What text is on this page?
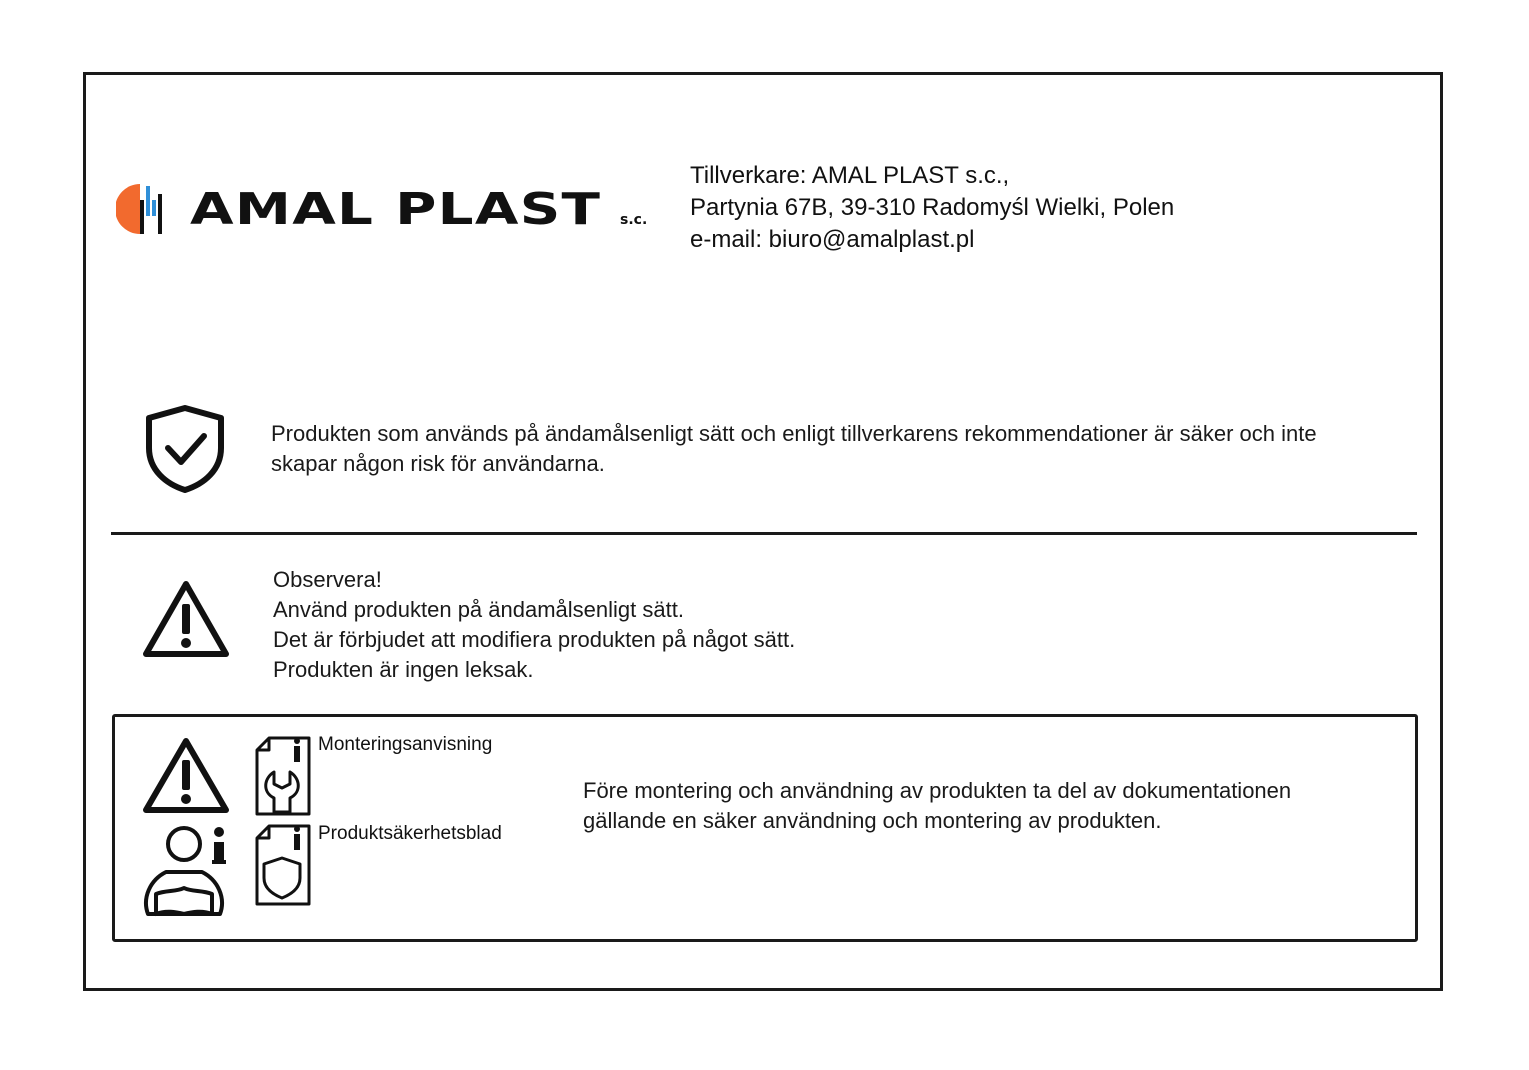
AMAL PLAST s.c.
Tillverkare: AMAL PLAST s.c.,
Partynia 67B, 39-310 Radomyśl Wielki, Polen
e-mail: biuro@amalplast.pl
Produkten som används på ändamålsenligt sätt och enligt tillverkarens rekommendationer är säker och inte skapar någon risk för användarna.
Observera!
Använd produkten på ändamålsenligt sätt.
Det är förbjudet att modifiera produkten på något sätt.
Produkten är ingen leksak.
Monteringsanvisning
Produktsäkerhetsblad
Före montering och användning av produkten ta del av dokumentationen gällande en säker användning och montering av produkten.
